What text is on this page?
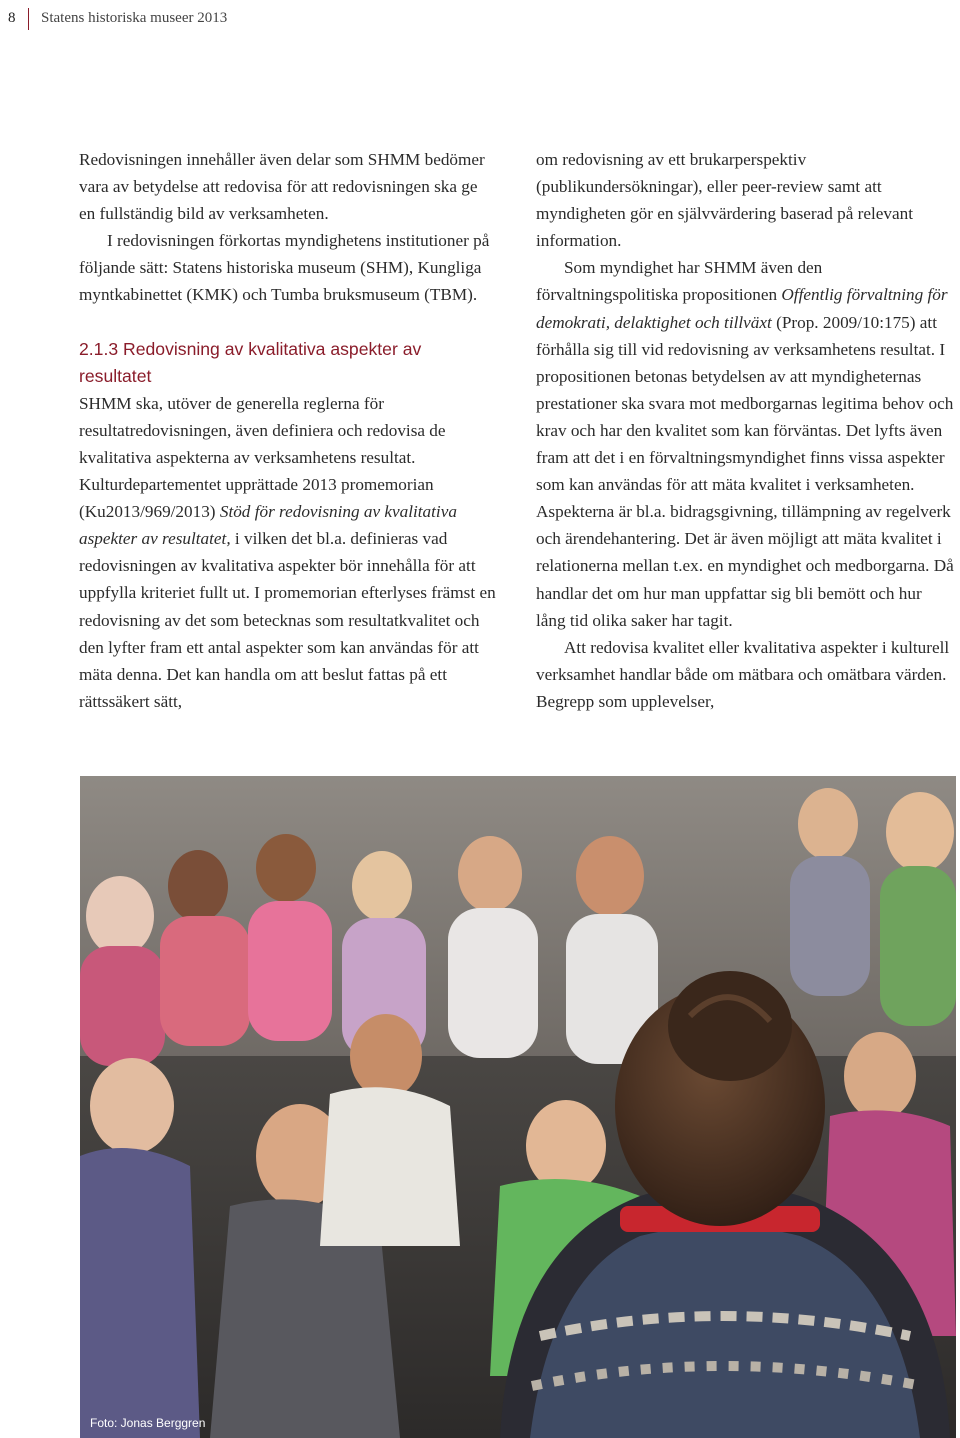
8 Statens historiska museer 2013

Redovisningen innehåller även delar som SHMM bedömer vara av betydelse att redovisa för att redovisningen ska ge en fullständig bild av verksamheten.

I redovisningen förkortas myndighetens institutioner på följande sätt: Statens historiska museum (SHM), Kungliga myntkabinettet (KMK) och Tumba bruksmuseum (TBM).

2.1.3 Redovisning av kvalitativa aspekter av resultatet

SHMM ska, utöver de generella reglerna för resultatredovisningen, även definiera och redovisa de kvalitativa aspekterna av verksamhetens resultat.

Kulturdepartementet upprättade 2013 promemorian (Ku2013/969/2013) Stöd för redovisning av kvalitativa aspekter av resultatet, i vilken det bl.a. definieras vad redovisningen av kvalitativa aspekter bör innehålla för att uppfylla kriteriet fullt ut. I promemorian efterlyses främst en redovisning av det som betecknas som resultatkvalitet och den lyfter fram ett antal aspekter som kan användas för att mäta denna. Det kan handla om att beslut fattas på ett rättssäkert sätt,

om redovisning av ett brukarperspektiv (publikundersökningar), eller peer-review samt att myndigheten gör en självvärdering baserad på relevant information.

Som myndighet har SHMM även den förvaltningspolitiska propositionen Offentlig förvaltning för demokrati, delaktighet och tillväxt (Prop. 2009/10:175) att förhålla sig till vid redovisning av verksamhetens resultat. I propositionen betonas betydelsen av att myndigheternas prestationer ska svara mot medborgarnas legitima behov och krav och har den kvalitet som kan förväntas. Det lyfts även fram att det i en förvaltningsmyndighet finns vissa aspekter som kan användas för att mäta kvalitet i verksamheten. Aspekterna är bl.a. bidragsgivning, tillämpning av regelverk och ärendehantering. Det är även möjligt att mäta kvalitet i relationerna mellan t.ex. en myndighet och medborgarna. Då handlar det om hur man uppfattar sig bli bemött och hur lång tid olika saker har tagit.

Att redovisa kvalitet eller kvalitativa aspekter i kulturell verksamhet handlar både om mätbara och omätbara värden. Begrepp som upplevelser,

Foto: Jonas Berggren
